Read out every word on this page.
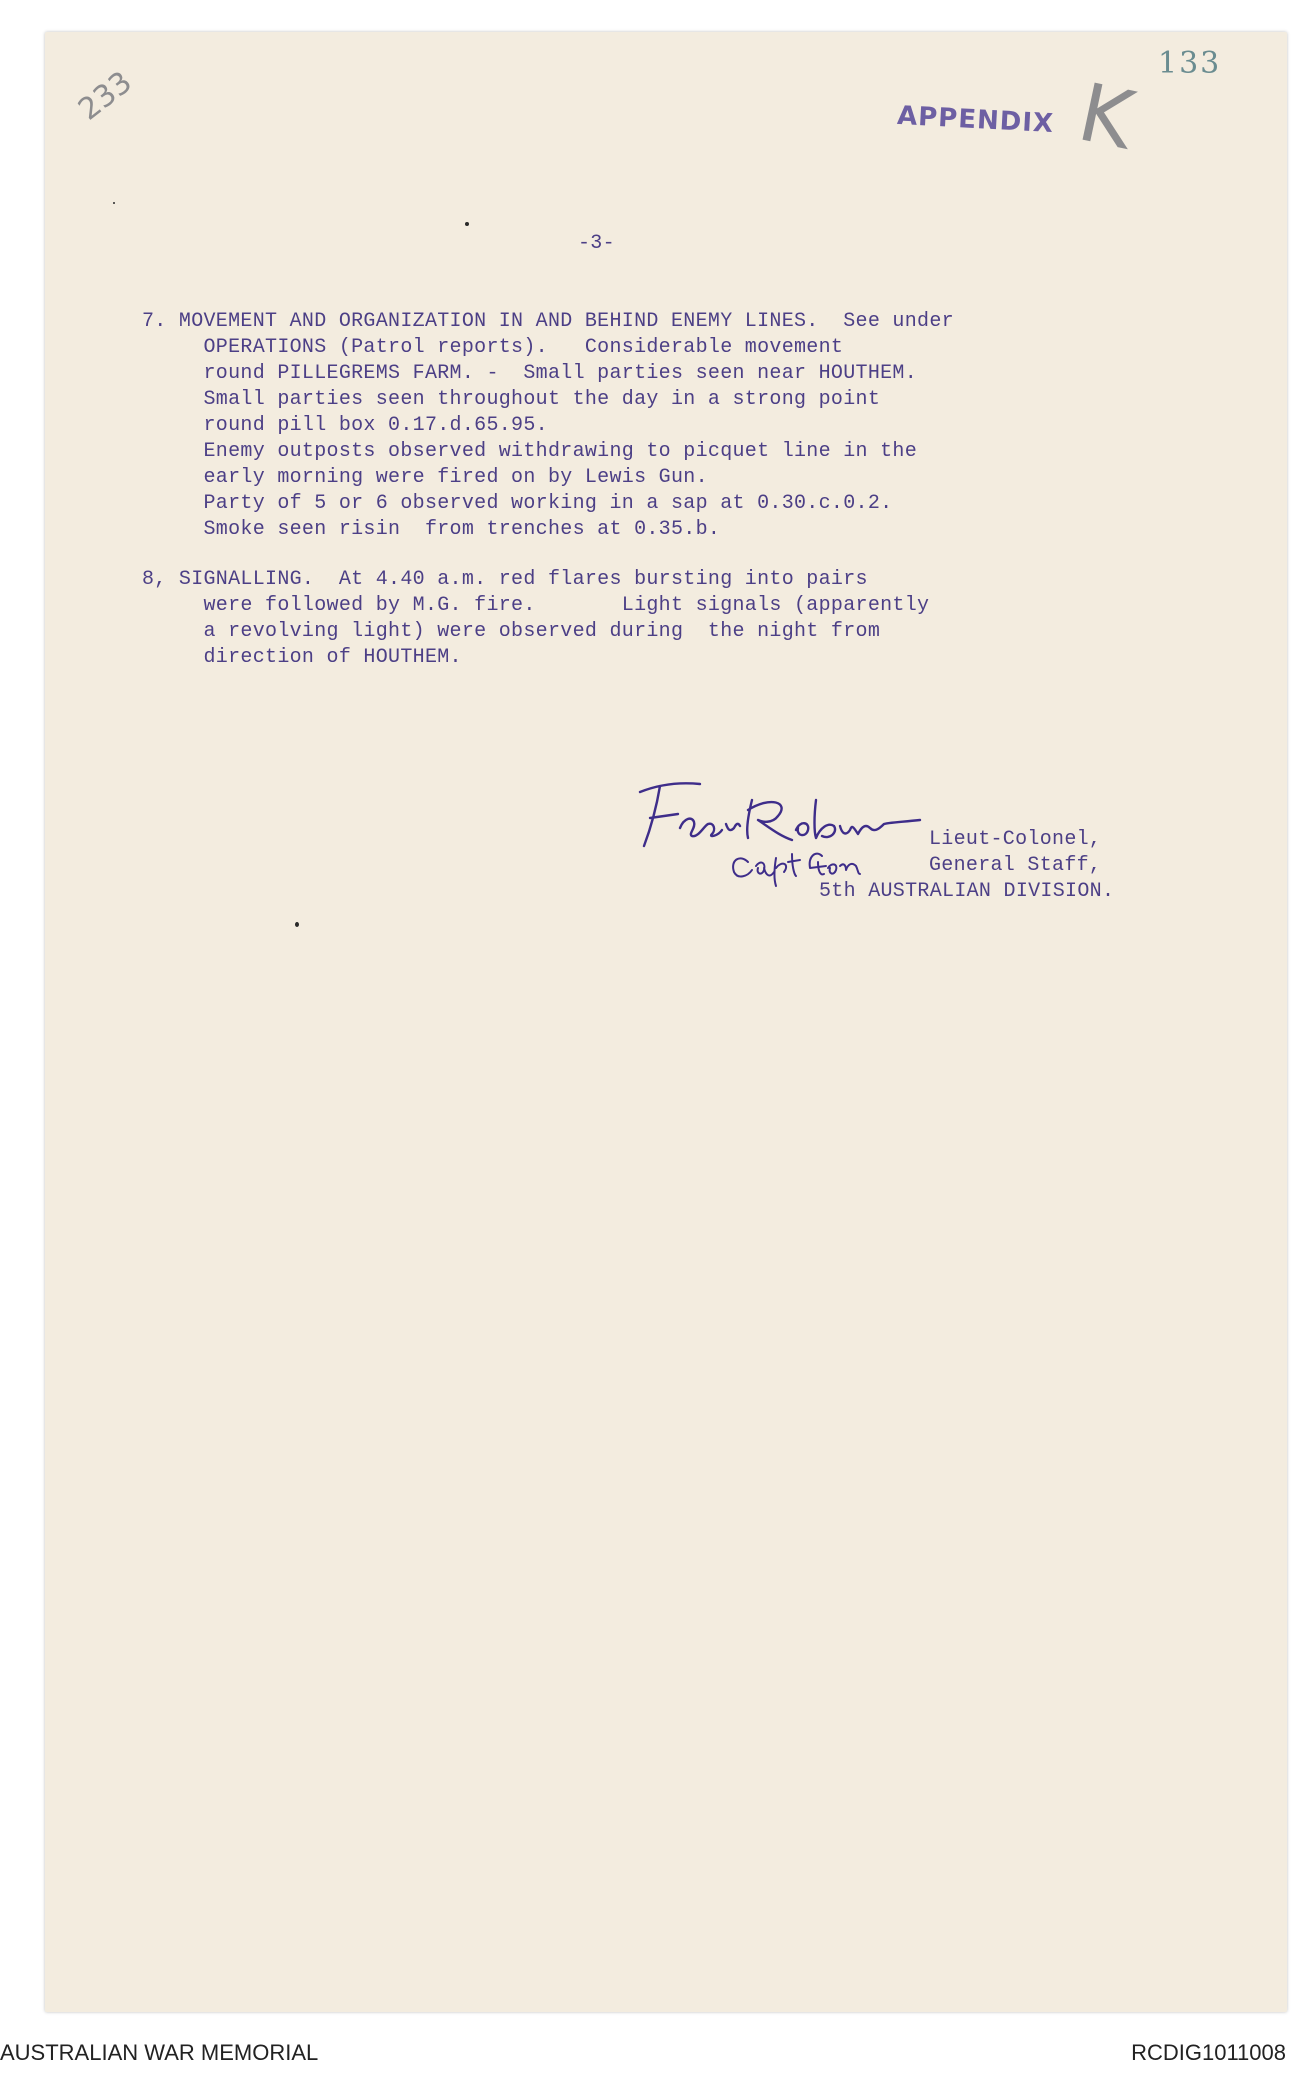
233
133
APPENDIX K
-3-
7. MOVEMENT AND ORGANIZATION IN AND BEHIND ENEMY LINES.  See under
OPERATIONS (Patrol reports).   Considerable movement
round PILLEGREMS FARM. -  Small parties seen near HOUTHEM.
Small parties seen throughout the day in a strong point
round pill box 0.17.d.65.95.
Enemy outposts observed withdrawing to picquet line in the
early morning were fired on by Lewis Gun.
Party of 5 or 6 observed working in a sap at 0.30.c.0.2.
Smoke seen risin  from trenches at 0.35.b.
8, SIGNALLING.  At 4.40 a.m. red flares bursting into pairs
were followed by M.G. fire.       Light signals (apparently
a revolving light) were observed during  the night from
direction of HOUTHEM.
Lieut-Colonel,
General Staff,
5th AUSTRALIAN DIVISION.
AUSTRALIAN WAR MEMORIAL	RCDIG1011008
